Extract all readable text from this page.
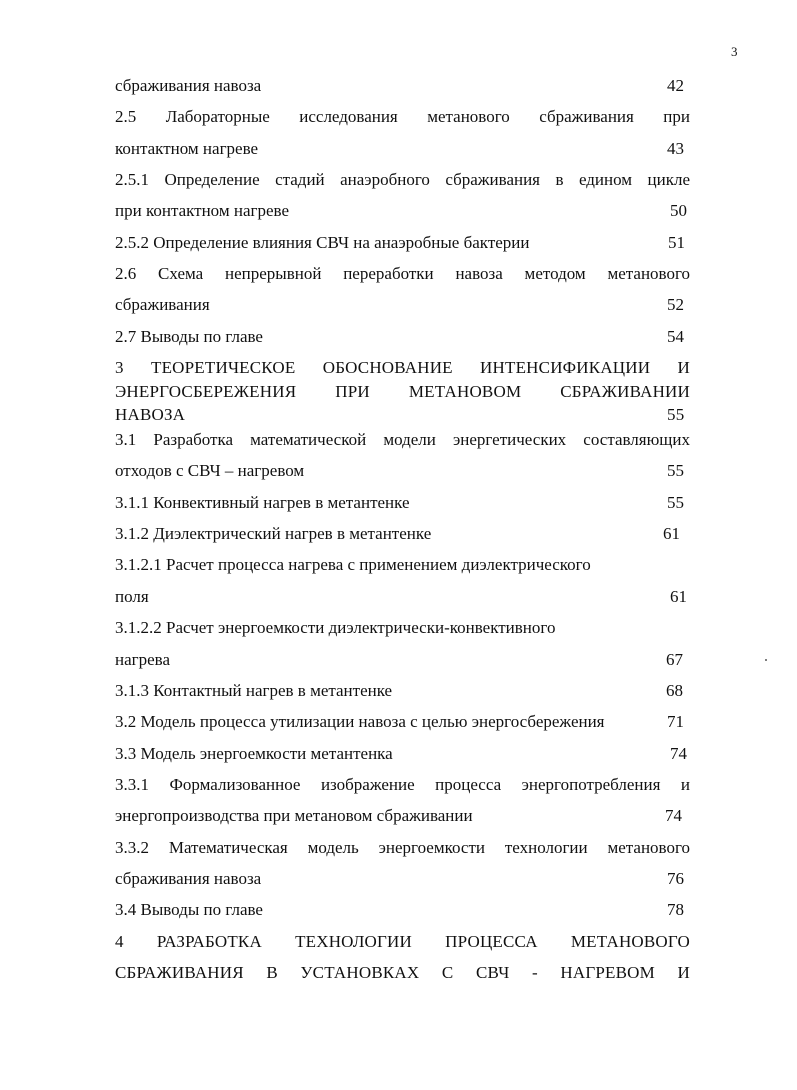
3
сбраживания навоза	42
2.5 Лабораторные исследования метанового сбраживания при
контактном нагреве	43
2.5.1 Определение стадий анаэробного сбраживания в едином цикле
при контактном нагреве	50
2.5.2 Определение влияния СВЧ на анаэробные бактерии	51
2.6 Схема непрерывной переработки навоза методом метанового
сбраживания	52
2.7 Выводы по главе	54
3 ТЕОРЕТИЧЕСКОЕ ОБОСНОВАНИЕ ИНТЕНСИФИКАЦИИ И
ЭНЕРГОСБЕРЕЖЕНИЯ ПРИ МЕТАНОВОМ СБРАЖИВАНИИ
НАВОЗА	55
3.1 Разработка математической модели энергетических составляющих
отходов с СВЧ – нагревом	55
3.1.1 Конвективный нагрев в метантенке	55
3.1.2 Диэлектрический нагрев в метантенке	61
3.1.2.1 Расчет процесса нагрева с применением диэлектрического
поля	61
3.1.2.2 Расчет энергоемкости диэлектрически-конвективного
нагрева	67
3.1.3 Контактный нагрев в метантенке	68
3.2 Модель процесса утилизации навоза с целью энергосбережения	71
3.3 Модель энергоемкости метантенка	74
3.3.1 Формализованное изображение процесса энергопотребления и
энергопроизводства при метановом сбраживании	74
3.3.2 Математическая модель энергоемкости технологии метанового
сбраживания навоза	76
3.4 Выводы по главе	78
4 РАЗРАБОТКА ТЕХНОЛОГИИ ПРОЦЕССА МЕТАНОВОГО
СБРАЖИВАНИЯ В УСТАНОВКАХ С СВЧ - НАГРЕВОМ И
